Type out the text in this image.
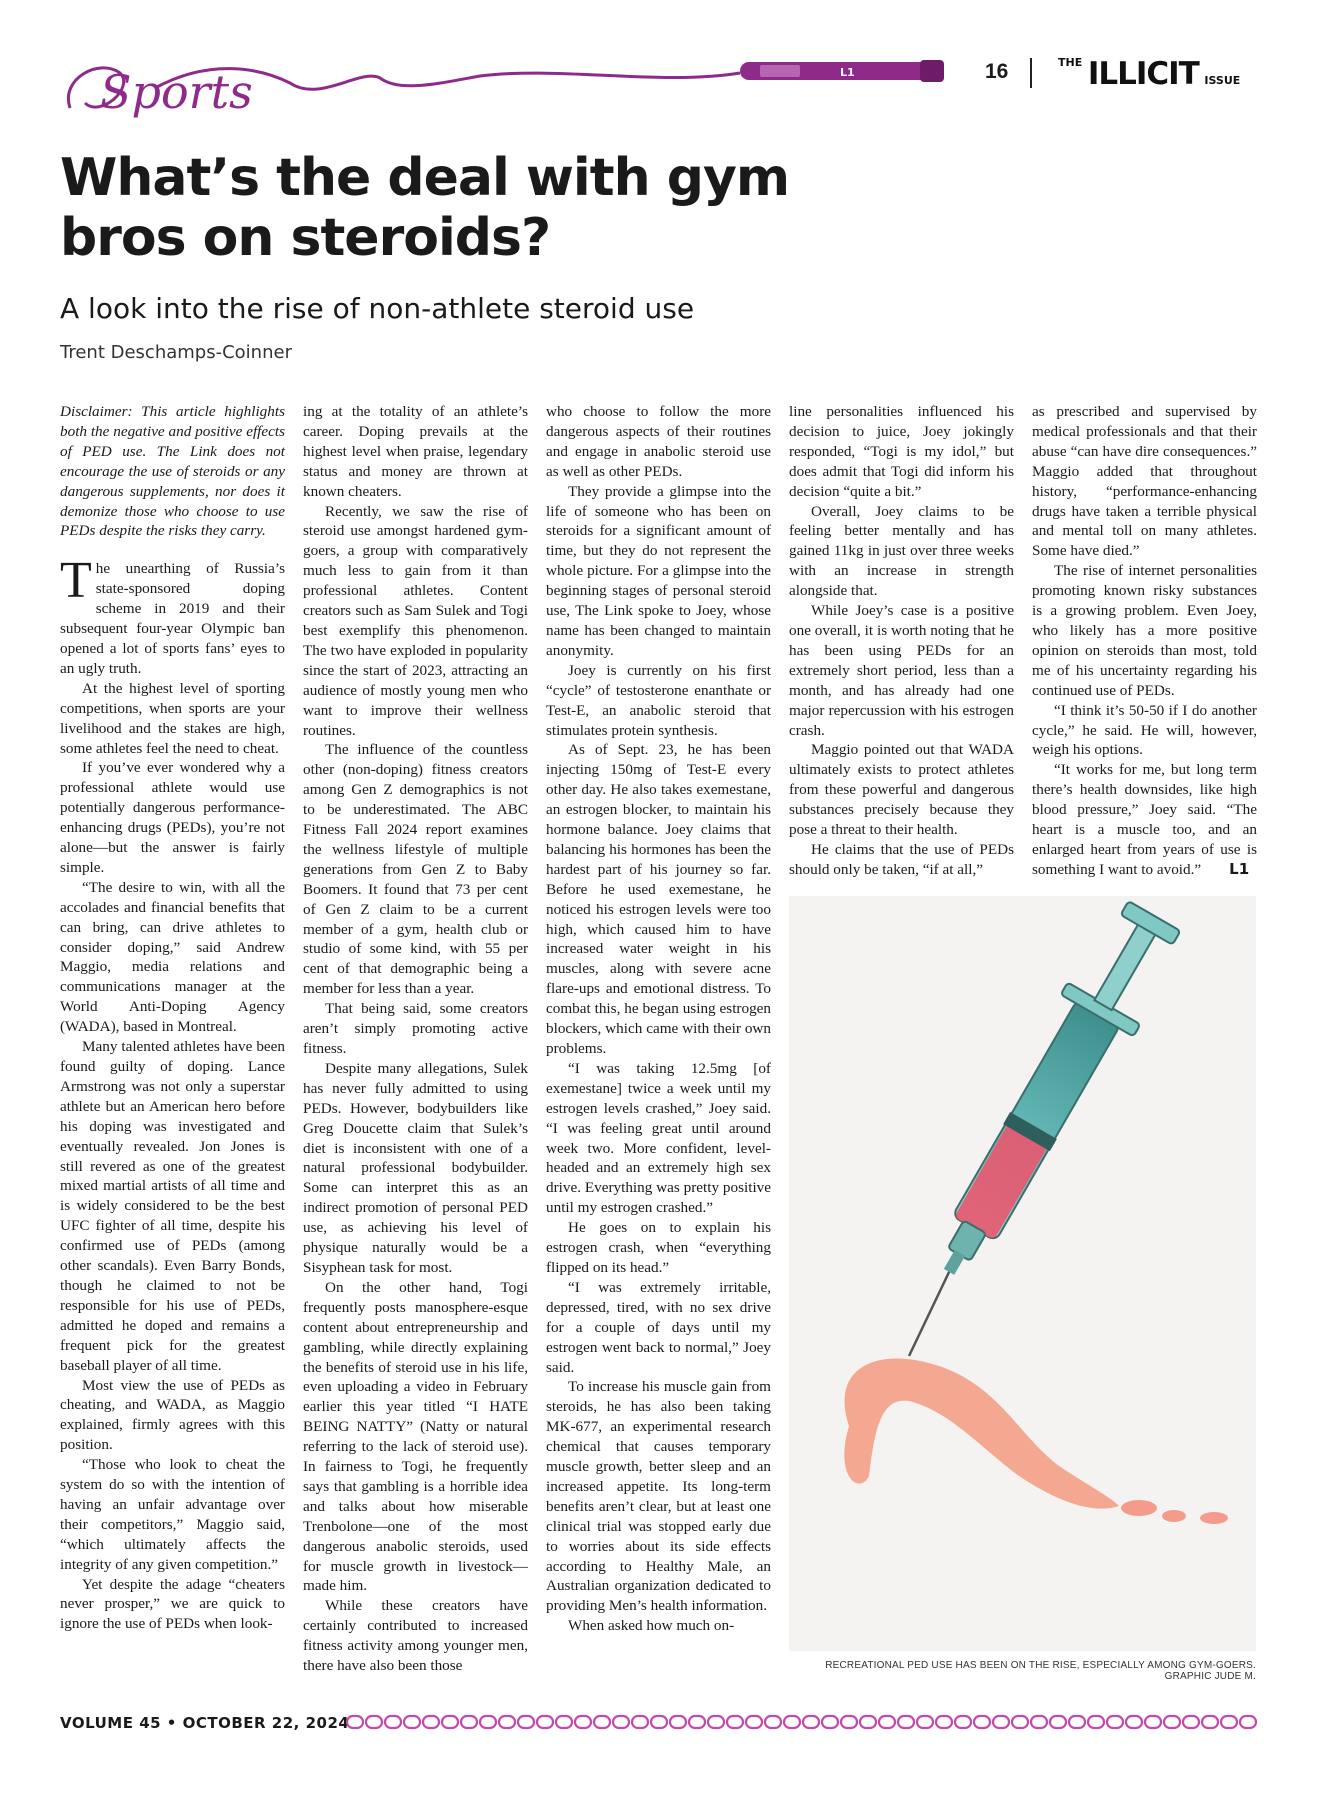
Sports	L1	16	$^{THE}$ ILLICIT ISSUE
What’s the deal with gym bros on steroids?
A look into the rise of non-athlete steroid use
Trent Deschamps-Coinner

Disclaimer: This article highlights both the negative and positive effects of PED use. The Link does not encourage the use of steroids or any dangerous supplements, nor does it demonize those who choose to use PEDs despite the risks they carry.

The unearthing of Russia’s state-sponsored doping scheme in 2019 and their subsequent four-year Olympic ban opened a lot of sports fans’ eyes to an ugly truth.

At the highest level of sporting competitions, when sports are your livelihood and the stakes are high, some athletes feel the need to cheat.

If you’ve ever wondered why a professional athlete would use potentially dangerous performance-enhancing drugs (PEDs), you’re not alone—but the answer is fairly simple.

“The desire to win, with all the accolades and financial benefits that can bring, can drive athletes to consider doping,” said Andrew Maggio, media relations and communications manager at the World Anti-Doping Agency (WADA), based in Montreal.

Many talented athletes have been found guilty of doping. Lance Armstrong was not only a superstar athlete but an American hero before his doping was investigated and eventually revealed. Jon Jones is still revered as one of the greatest mixed martial artists of all time and is widely considered to be the best UFC fighter of all time, despite his confirmed use of PEDs (among other scandals). Even Barry Bonds, though he claimed to not be responsible for his use of PEDs, admitted he doped and remains a frequent pick for the greatest baseball player of all time.

Most view the use of PEDs as cheating, and WADA, as Maggio explained, firmly agrees with this position.

“Those who look to cheat the system do so with the intention of having an unfair advantage over their competitors,” Maggio said, “which ultimately affects the integrity of any given competition.”

Yet despite the adage “cheaters never prosper,” we are quick to ignore the use of PEDs when look-

ing at the totality of an athlete’s career. Doping prevails at the highest level when praise, legendary status and money are thrown at known cheaters.

Recently, we saw the rise of steroid use amongst hardened gym-goers, a group with comparatively much less to gain from it than professional athletes. Content creators such as Sam Sulek and Togi best exemplify this phenomenon. The two have exploded in popularity since the start of 2023, attracting an audience of mostly young men who want to improve their wellness routines.

The influence of the countless other (non-doping) fitness creators among Gen Z demographics is not to be underestimated. The ABC Fitness Fall 2024 report examines the wellness lifestyle of multiple generations from Gen Z to Baby Boomers. It found that 73 per cent of Gen Z claim to be a current member of a gym, health club or studio of some kind, with 55 per cent of that demographic being a member for less than a year.

That being said, some creators aren’t simply promoting active fitness.

Despite many allegations, Sulek has never fully admitted to using PEDs. However, bodybuilders like Greg Doucette claim that Sulek’s diet is inconsistent with one of a natural professional bodybuilder. Some can interpret this as an indirect promotion of personal PED use, as achieving his level of physique naturally would be a Sisyphean task for most.

On the other hand, Togi frequently posts manosphere-esque content about entrepreneurship and gambling, while directly explaining the benefits of steroid use in his life, even uploading a video in February earlier this year titled “I HATE BEING NATTY” (Natty or natural referring to the lack of steroid use). In fairness to Togi, he frequently says that gambling is a horrible idea and talks about how miserable Trenbolone—one of the most dangerous anabolic steroids, used for muscle growth in livestock—made him.

While these creators have certainly contributed to increased fitness activity among younger men, there have also been those

who choose to follow the more dangerous aspects of their routines and engage in anabolic steroid use as well as other PEDs.

They provide a glimpse into the life of someone who has been on steroids for a significant amount of time, but they do not represent the whole picture. For a glimpse into the beginning stages of personal steroid use, The Link spoke to Joey, whose name has been changed to maintain anonymity.

Joey is currently on his first “cycle” of testosterone enanthate or Test-E, an anabolic steroid that stimulates protein synthesis.

As of Sept. 23, he has been injecting 150mg of Test-E every other day. He also takes exemestane, an estrogen blocker, to maintain his hormone balance. Joey claims that balancing his hormones has been the hardest part of his journey so far. Before he used exemestane, he noticed his estrogen levels were too high, which caused him to have increased water weight in his muscles, along with severe acne flare-ups and emotional distress. To combat this, he began using estrogen blockers, which came with their own problems.

“I was taking 12.5mg [of exemestane] twice a week until my estrogen levels crashed,” Joey said. “I was feeling great until around week two. More confident, level-headed and an extremely high sex drive. Everything was pretty positive until my estrogen crashed.”

He goes on to explain his estrogen crash, when “everything flipped on its head.”

“I was extremely irritable, depressed, tired, with no sex drive for a couple of days until my estrogen went back to normal,” Joey said.

To increase his muscle gain from steroids, he has also been taking MK-677, an experimental research chemical that causes temporary muscle growth, better sleep and an increased appetite. Its long-term benefits aren’t clear, but at least one clinical trial was stopped early due to worries about its side effects according to Healthy Male, an Australian organization dedicated to providing Men’s health information.

When asked how much on-

line personalities influenced his decision to juice, Joey jokingly responded, “Togi is my idol,” but does admit that Togi did inform his decision “quite a bit.”

Overall, Joey claims to be feeling better mentally and has gained 11kg in just over three weeks with an increase in strength alongside that.

While Joey’s case is a positive one overall, it is worth noting that he has been using PEDs for an extremely short period, less than a month, and has already had one major repercussion with his estrogen crash.

Maggio pointed out that WADA ultimately exists to protect athletes from these powerful and dangerous substances precisely because they pose a threat to their health.

He claims that the use of PEDs should only be taken, “if at all,”

as prescribed and supervised by medical professionals and that their abuse “can have dire consequences.” Maggio added that throughout history, “performance-enhancing drugs have taken a terrible physical and mental toll on many athletes. Some have died.”

The rise of internet personalities promoting known risky substances is a growing problem. Even Joey, who likely has a more positive opinion on steroids than most, told me of his uncertainty regarding his continued use of PEDs.

“I think it’s 50-50 if I do another cycle,” he said. He will, however, weigh his options.

“It works for me, but long term there’s health downsides, like high blood pressure,” Joey said. “The heart is a muscle too, and an enlarged heart from years of use is something I want to avoid.” L1

RECREATIONAL PED USE HAS BEEN ON THE RISE, ESPECIALLY AMONG GYM-GOERS. GRAPHIC JUDE M.
VOLUME 45 • OCTOBER 22, 2024
